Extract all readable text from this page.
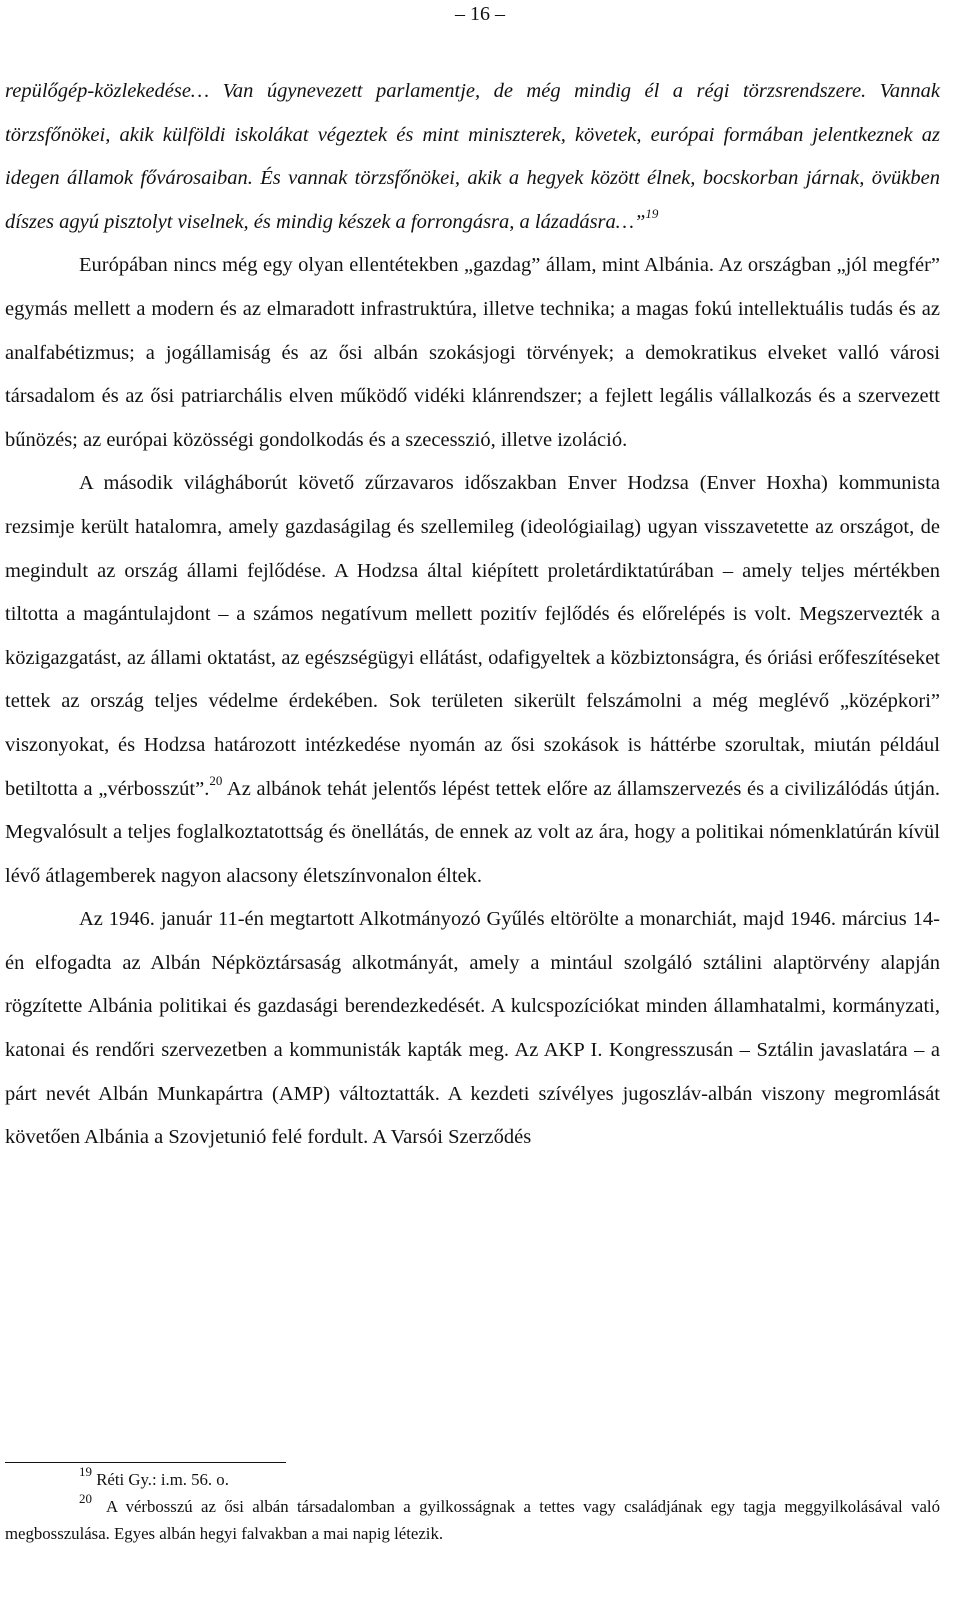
– 16 –

repülőgép-közlekedése… Van úgynevezett parlamentje, de még mindig él a régi törzsrendszere. Vannak törzsfőnökei, akik külföldi iskolákat végeztek és mint miniszterek, követek, európai formában jelentkeznek az idegen államok fővárosaiban. És vannak törzsfőnökei, akik a hegyek között élnek, bocskorban járnak, övükben díszes agyú pisztolyt viselnek, és mindig készek a forrongásra, a lázadásra…”$^{19}$

Európában nincs még egy olyan ellentétekben „gazdag” állam, mint Albánia. Az országban „jól megfér” egymás mellett a modern és az elmaradott infrastruktúra, illetve technika; a magas fokú intellektuális tudás és az analfabétizmus; a jogállamiság és az ősi albán szokásjogi törvények; a demokratikus elveket valló városi társadalom és az ősi patriarchális elven működő vidéki klánrendszer; a fejlett legális vállalkozás és a szervezett bűnözés; az európai közösségi gondolkodás és a szecesszió, illetve izoláció.

A második világháborút követő zűrzavaros időszakban Enver Hodzsa (Enver Hoxha) kommunista rezsimje került hatalomra, amely gazdaságilag és szellemileg (ideológiailag) ugyan visszavetette az országot, de megindult az ország állami fejlődése. A Hodzsa által kiépített proletárdiktatúrában – amely teljes mértékben tiltotta a magántulajdont – a számos negatívum mellett pozitív fejlődés és előrelépés is volt. Megszervezték a közigazgatást, az állami oktatást, az egészségügyi ellátást, odafigyeltek a közbiztonságra, és óriási erőfeszítéseket tettek az ország teljes védelme érdekében. Sok területen sikerült felszámolni a még meglévő „középkori” viszonyokat, és Hodzsa határozott intézkedése nyomán az ősi szokások is háttérbe szorultak, miután például betiltotta a „vérbosszút”.$^{20}$ Az albánok tehát jelentős lépést tettek előre az államszervezés és a civilizálódás útján. Megvalósult a teljes foglalkoztatottság és önellátás, de ennek az volt az ára, hogy a politikai nómenklatúrán kívül lévő átlagemberek nagyon alacsony életszínvonalon éltek.

Az 1946. január 11-én megtartott Alkotmányozó Gyűlés eltörölte a monarchiát, majd 1946. március 14-én elfogadta az Albán Népköztársaság alkotmányát, amely a mintául szolgáló sztálini alaptörvény alapján rögzítette Albánia politikai és gazdasági berendezkedését. A kulcspozíciókat minden államhatalmi, kormányzati, katonai és rendőri szervezetben a kommunisták kapták meg. Az AKP I. Kongresszusán – Sztálin javaslatára – a párt nevét Albán Munkapártra (AMP) változtatták. A kezdeti szívélyes jugoszláv-albán viszony megromlását követően Albánia a Szovjetunió felé fordult. A Varsói Szerződés

$^{19}$ Réti Gy.: i.m. 56. o.

$^{20}$ A vérbosszú az ősi albán társadalomban a gyilkosságnak a tettes vagy családjának egy tagja meggyilkolásával való megbosszulása. Egyes albán hegyi falvakban a mai napig létezik.
